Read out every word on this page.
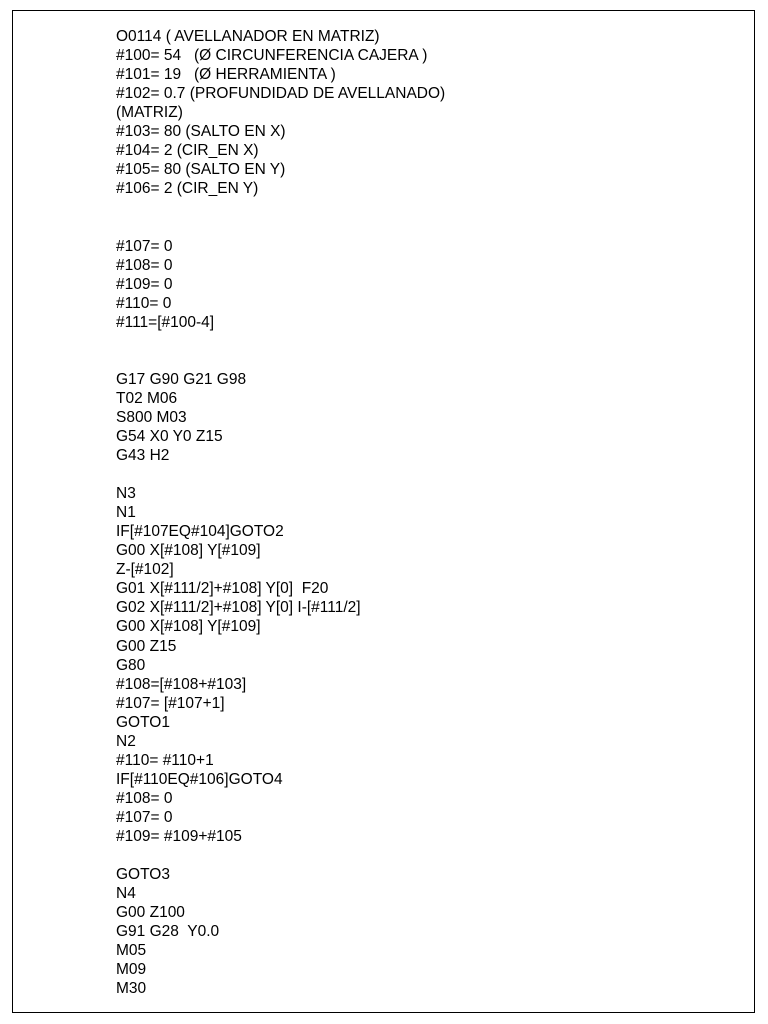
O0114 ( AVELLANADOR EN MATRIZ)
#100= 54   (Ø CIRCUNFERENCIA CAJERA )
#101= 19   (Ø HERRAMIENTA )
#102= 0.7 (PROFUNDIDAD DE AVELLANADO)
(MATRIZ)
#103= 80 (SALTO EN X)
#104= 2 (CIR_EN X)
#105= 80 (SALTO EN Y)
#106= 2 (CIR_EN Y)
#107= 0
#108= 0
#109= 0
#110= 0
#111=[#100-4]
G17 G90 G21 G98
T02 M06
S800 M03
G54 X0 Y0 Z15
G43 H2
N3
N1
IF[#107EQ#104]GOTO2
G00 X[#108] Y[#109]
Z-[#102]
G01 X[#111/2]+#108] Y[0]  F20
G02 X[#111/2]+#108] Y[0] I-[#111/2]
G00 X[#108] Y[#109]
G00 Z15
G80
#108=[#108+#103]
#107= [#107+1]
GOTO1
N2
#110= #110+1
IF[#110EQ#106]GOTO4
#108= 0
#107= 0
#109= #109+#105
GOTO3
N4
G00 Z100
G91 G28  Y0.0
M05
M09
M30
